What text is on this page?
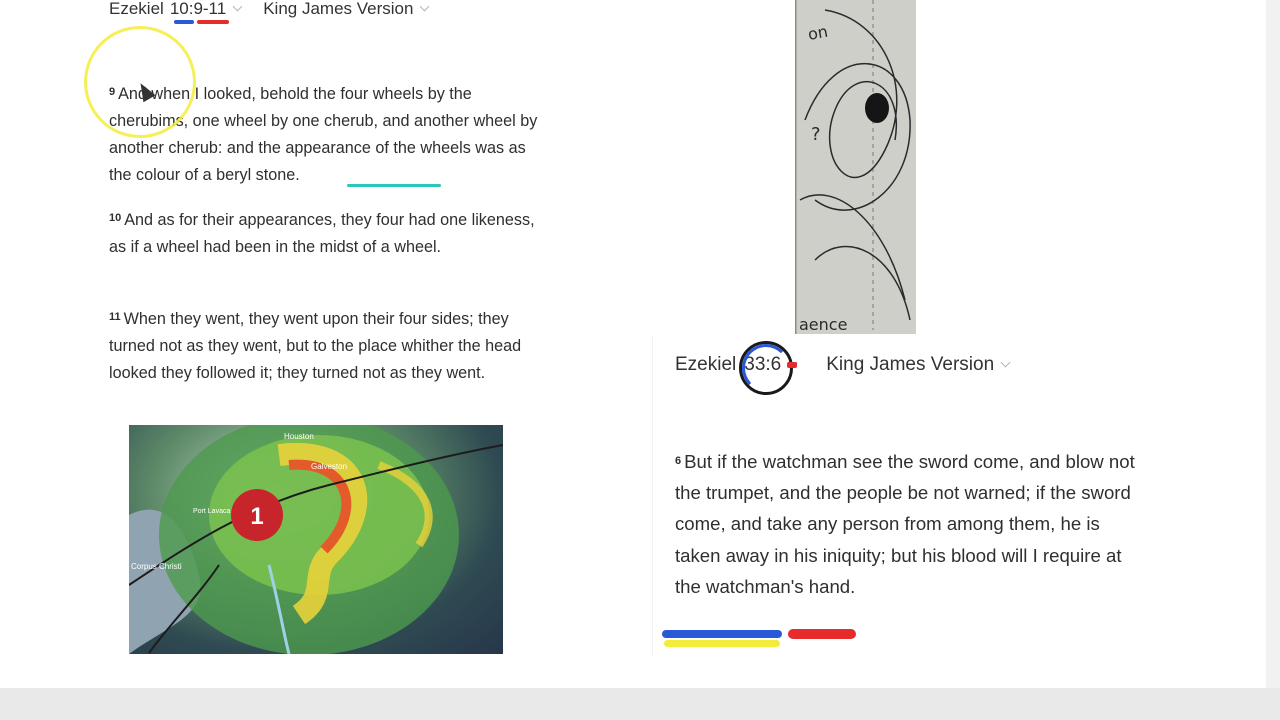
Ezekiel 10:9-11 King James Version
$^9$ And when I looked, behold the four wheels by the cherubims, one wheel by one cherub, and another wheel by another cherub: and the appearance of the wheels was as the colour of a beryl stone.
$^{10}$ And as for their appearances, they four had one likeness, as if a wheel had been in the midst of a wheel.
$^{11}$ When they went, they went upon their four sides; they turned not as they went, but to the place whither the head looked they followed it; they turned not as they went.
1
Houston
Galveston
Port Lavaca
Corpus Christi
on
?
aence
Ezekiel 33:6 King James Version
$^6$ But if the watchman see the sword come, and blow not the trumpet, and the people be not warned; if the sword come, and take any person from among them, he is taken away in his iniquity; but his blood will I require at the watchman's hand.
